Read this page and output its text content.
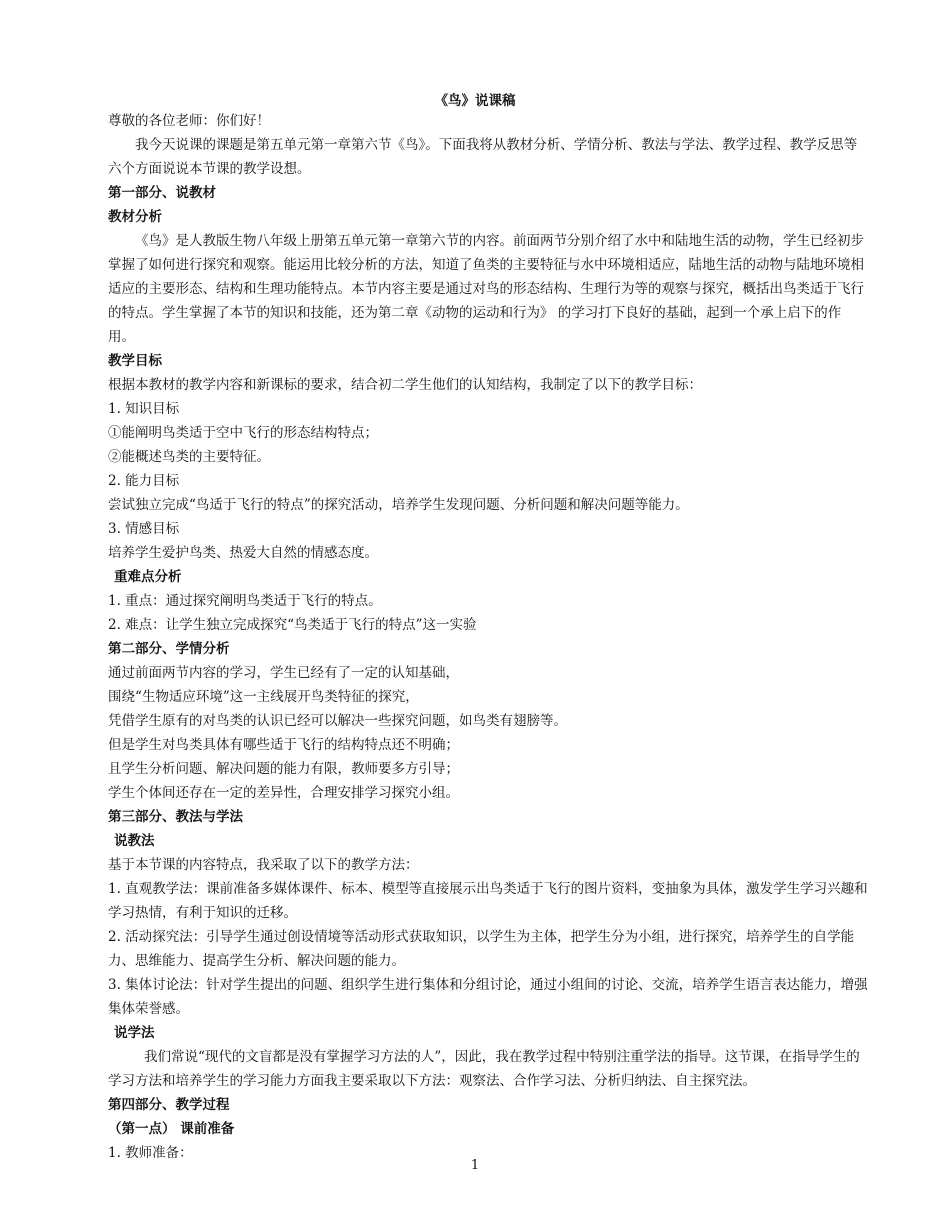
《鸟》说课稿
尊敬的各位老师：你们好！
我今天说课的课题是第五单元第一章第六节《鸟》。下面我将从教材分析、学情分析、教法与学法、教学过程、教学反思等六个方面说说本节课的教学设想。
第一部分、说教材
教材分析
《鸟》是人教版生物八年级上册第五单元第一章第六节的内容。前面两节分别介绍了水中和陆地生活的动物，学生已经初步掌握了如何进行探究和观察。能运用比较分析的方法，知道了鱼类的主要特征与水中环境相适应，陆地生活的动物与陆地环境相适应的主要形态、结构和生理功能特点。本节内容主要是通过对鸟的形态结构、生理行为等的观察与探究，概括出鸟类适于飞行的特点。学生掌握了本节的知识和技能，还为第二章《动物的运动和行为》 的学习打下良好的基础，起到一个承上启下的作用。
教学目标
根据本教材的教学内容和新课标的要求，结合初二学生他们的认知结构，我制定了以下的教学目标：
1. 知识目标
①能阐明鸟类适于空中飞行的形态结构特点；
②能概述鸟类的主要特征。
2. 能力目标
尝试独立完成“鸟适于飞行的特点”的探究活动，培养学生发现问题、分析问题和解决问题等能力。
3. 情感目标
培养学生爱护鸟类、热爱大自然的情感态度。
重难点分析
1. 重点：通过探究阐明鸟类适于飞行的特点。
2. 难点：让学生独立完成探究“鸟类适于飞行的特点”这一实验
第二部分、学情分析
通过前面两节内容的学习，学生已经有了一定的认知基础，
围绕“生物适应环境”这一主线展开鸟类特征的探究，
凭借学生原有的对鸟类的认识已经可以解决一些探究问题，如鸟类有翅膀等。
但是学生对鸟类具体有哪些适于飞行的结构特点还不明确；
且学生分析问题、解决问题的能力有限，教师要多方引导；
学生个体间还存在一定的差异性，合理安排学习探究小组。
第三部分、教法与学法
说教法
基于本节课的内容特点，我采取了以下的教学方法：
1. 直观教学法：课前准备多媒体课件、标本、模型等直接展示出鸟类适于飞行的图片资料，变抽象为具体，激发学生学习兴趣和学习热情，有利于知识的迁移。
2. 活动探究法：引导学生通过创设情境等活动形式获取知识，以学生为主体，把学生分为小组，进行探究，培养学生的自学能力、思维能力、提高学生分析、解决问题的能力。
3. 集体讨论法：针对学生提出的问题、组织学生进行集体和分组讨论，通过小组间的讨论、交流，培养学生语言表达能力，增强集体荣誉感。
说学法
我们常说“现代的文盲都是没有掌握学习方法的人”，因此，我在教学过程中特别注重学法的指导。这节课，在指导学生的学习方法和培养学生的学习能力方面我主要采取以下方法：观察法、合作学习法、分析归纳法、自主探究法。
第四部分、教学过程
（第一点） 课前准备
1. 教师准备：
1
